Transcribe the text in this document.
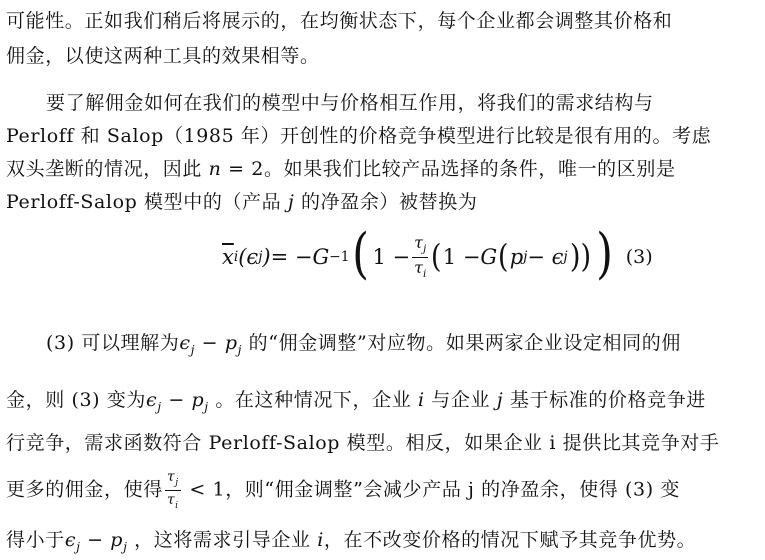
可能性。正如我们稍后将展示的，在均衡状态下，每个企业都会调整其价格和
佣金，以使这两种工具的效果相等。
要了解佣金如何在我们的模型中与价格相互作用，将我们的需求结构与
Perloff 和 Salop（1985 年）开创性的价格竞争模型进行比较是很有用的。考虑
双头垄断的情况，因此 n = 2。如果我们比较产品选择的条件，唯一的区别是
Perloff-Salop 模型中的（产品 j 的净盈余）被替换为
$\overline{x}$ i (ϵ j ) = − G −1 ( $1 - \frac{\tau_j}{\tau_i}$ ( 1 − G ( p j − ϵ j )) ) (3)
(3) 可以理解为$\epsilon_j - p_j$ 的“佣金调整”对应物。如果两家企业设定相同的佣
金，则 (3) 变为$\epsilon_j - p_j$ 。在这种情况下，企业 i 与企业 j 基于标准的价格竞争进
行竞争，需求函数符合 Perloff-Salop 模型。相反，如果企业 i 提供比其竞争对手
更多的佣金，使得 $\frac{\tau_j}{\tau_i} < 1$，则“佣金调整”会减少产品 j 的净盈余，使得 (3) 变
得小于$\epsilon_j - p_j$ ，这将需求引导企业 i，在不改变价格的情况下赋予其竞争优势。
